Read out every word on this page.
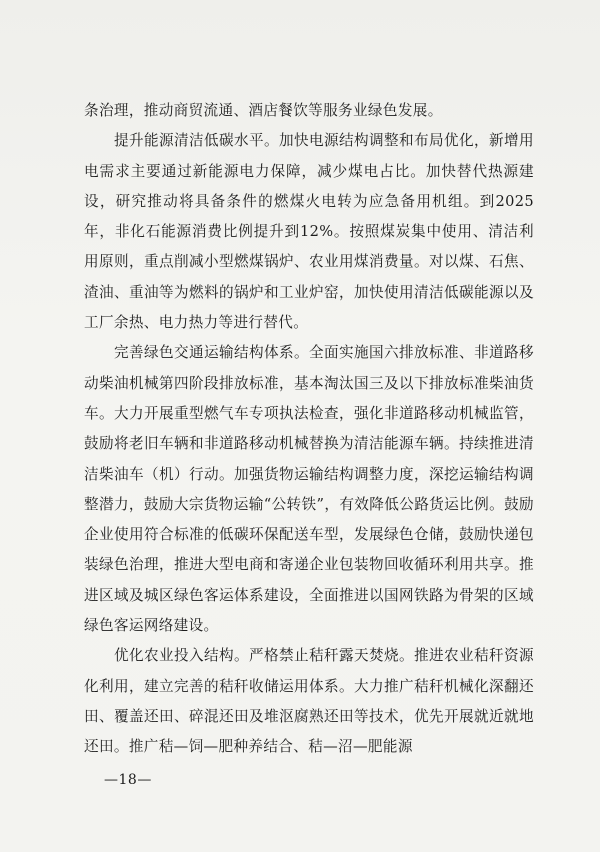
条治理，推动商贸流通、酒店餐饮等服务业绿色发展。

提升能源清洁低碳水平。加快电源结构调整和布局优化，新增用电需求主要通过新能源电力保障，减少煤电占比。加快替代热源建设，研究推动将具备条件的燃煤火电转为应急备用机组。到2025年，非化石能源消费比例提升到12%。按照煤炭集中使用、清洁利用原则，重点削减小型燃煤锅炉、农业用煤消费量。对以煤、石焦、渣油、重油等为燃料的锅炉和工业炉窑，加快使用清洁低碳能源以及工厂余热、电力热力等进行替代。

完善绿色交通运输结构体系。全面实施国六排放标准、非道路移动柴油机械第四阶段排放标准，基本淘汰国三及以下排放标准柴油货车。大力开展重型燃气车专项执法检查，强化非道路移动机械监管，鼓励将老旧车辆和非道路移动机械替换为清洁能源车辆。持续推进清洁柴油车（机）行动。加强货物运输结构调整力度，深挖运输结构调整潜力，鼓励大宗货物运输“公转铁”，有效降低公路货运比例。鼓励企业使用符合标准的低碳环保配送车型，发展绿色仓储，鼓励快递包装绿色治理，推进大型电商和寄递企业包装物回收循环利用共享。推进区域及城区绿色客运体系建设，全面推进以国网铁路为骨架的区域绿色客运网络建设。

优化农业投入结构。严格禁止秸秆露天焚烧。推进农业秸秆资源化利用，建立完善的秸秆收储运用体系。大力推广秸秆机械化深翻还田、覆盖还田、碎混还田及堆沤腐熟还田等技术，优先开展就近就地还田。推广秸—饲—肥种养结合、秸—沼—肥能源

—18—
